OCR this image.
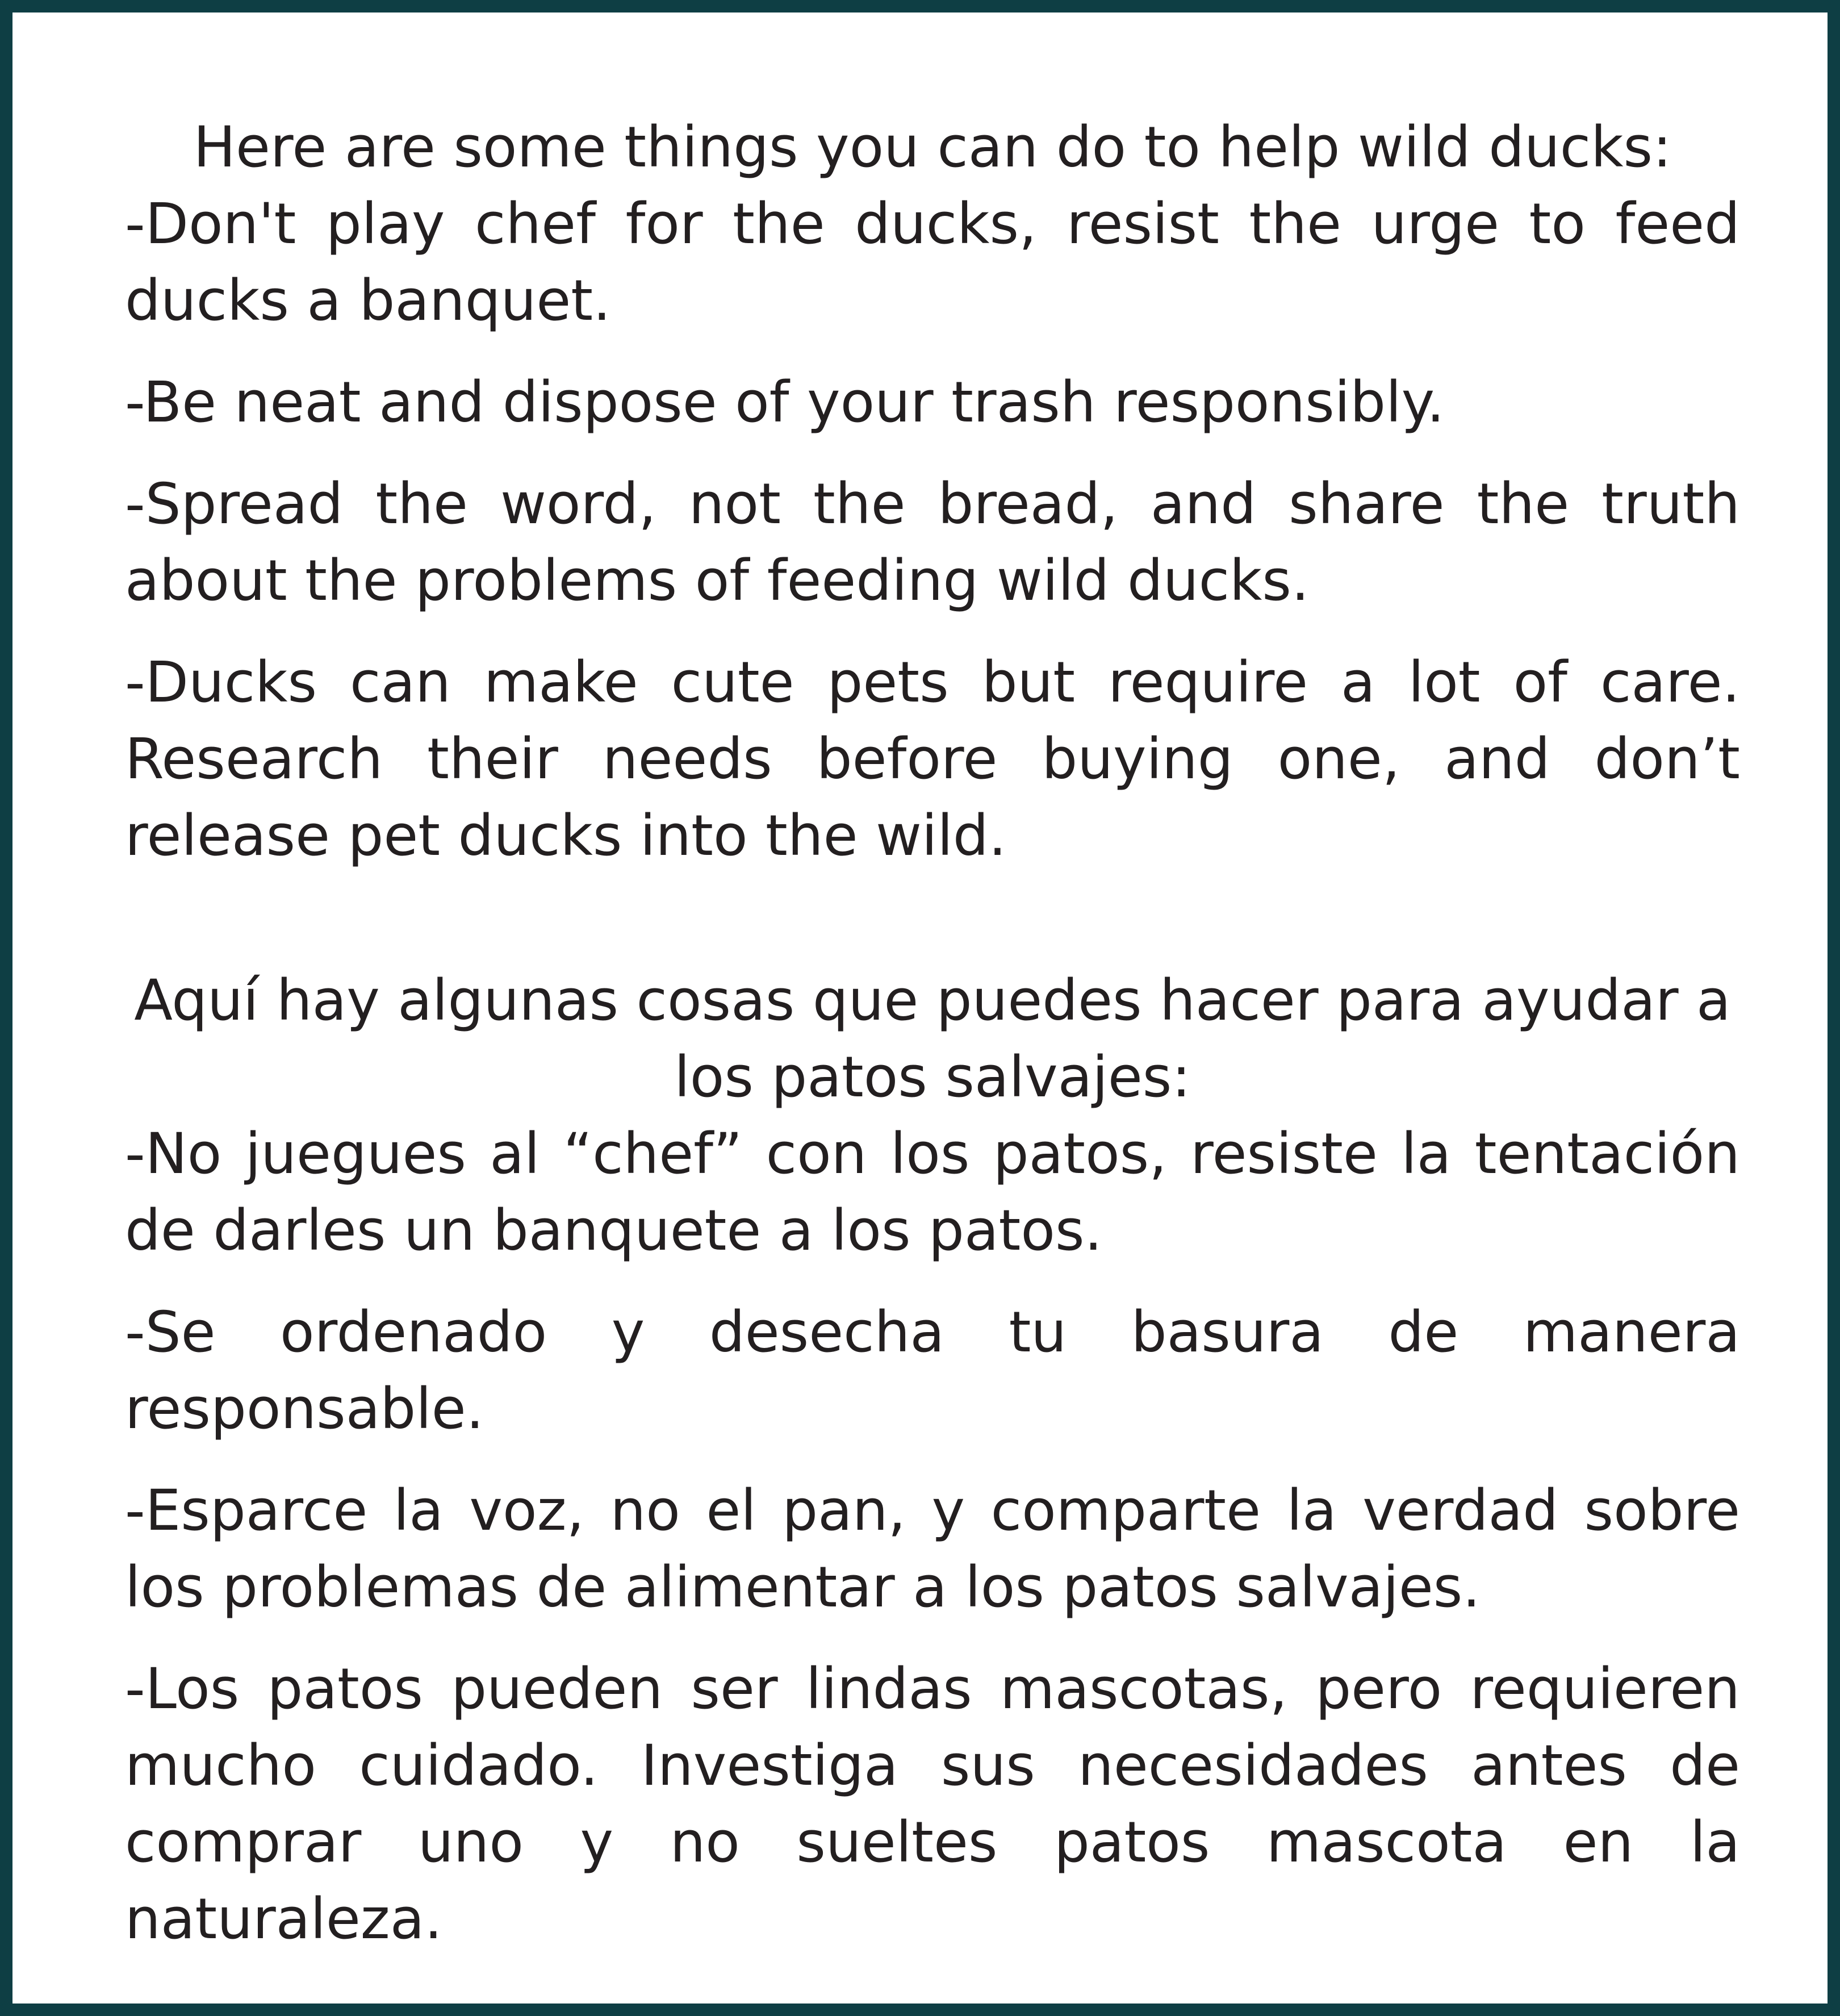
Here are some things you can do to help wild ducks:

-Don't play chef for the ducks, resist the urge to feed ducks a banquet.

-Be neat and dispose of your trash responsibly.

-Spread the word, not the bread, and share the truth about the problems of feeding wild ducks.

-Ducks can make cute pets but require a lot of care. Research their needs before buying one, and don’t release pet ducks into the wild.

Aquí hay algunas cosas que puedes hacer para ayudar a los patos salvajes:

-No juegues al “chef” con los patos, resiste la tentación de darles un banquete a los patos.

-Se ordenado y desecha tu basura de manera responsable.

-Esparce la voz, no el pan, y comparte la verdad sobre los problemas de alimentar a los patos salvajes.

-Los patos pueden ser lindas mascotas, pero requieren mucho cuidado. Investiga sus necesidades antes de comprar uno y no sueltes patos mascota en la naturaleza.
